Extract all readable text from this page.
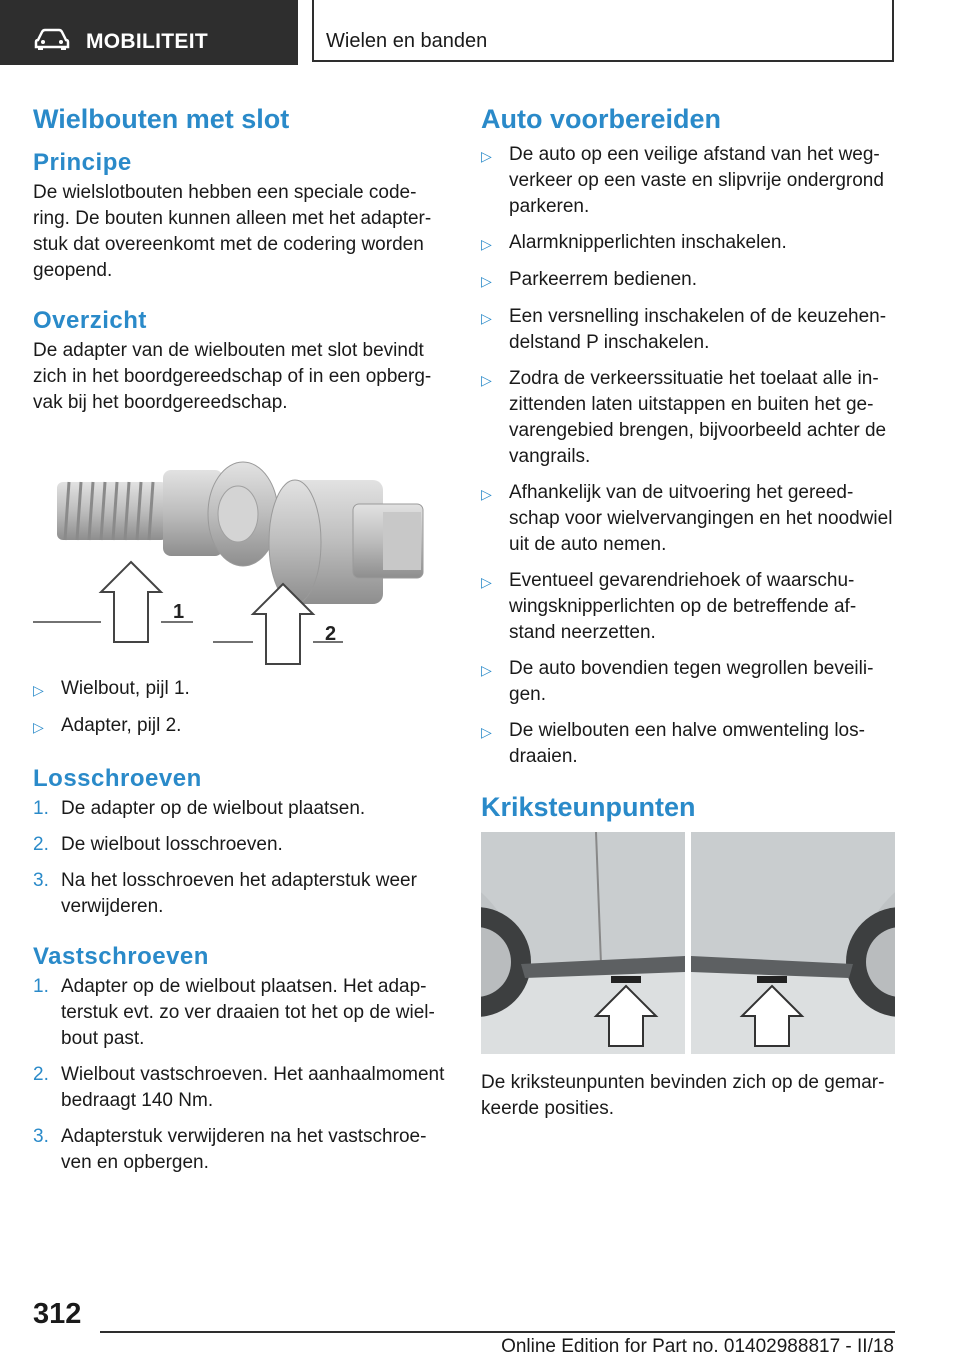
MOBILITEIT	Wielen en banden
Wielbouten met slot
Principe

De wielslotbouten hebben een speciale code-ring. De bouten kunnen alleen met het adapter-stuk dat overeenkomt met de codering worden geopend.

Overzicht

De adapter van de wielbouten met slot bevindt zich in het boordgereedschap of in een opberg-vak bij het boordgereedschap.

1
2
▷ Wielbout, pijl 1.
▷ Adapter, pijl 2.
Losschroeven
1. De adapter op de wielbout plaatsen.
2. De wielbout losschroeven.
3. Na het losschroeven het adapterstuk weer verwijderen.
Vastschroeven
1. Adapter op de wielbout plaatsen. Het adap-terstuk evt. zo ver draaien tot het op de wiel-bout past.
2. Wielbout vastschroeven. Het aanhaalmoment bedraagt 140 Nm.
3. Adapterstuk verwijderen na het vastschroe-ven en opbergen.
Auto voorbereiden
▷ De auto op een veilige afstand van het weg-verkeer op een vaste en slipvrije ondergrond parkeren.
▷ Alarmknipperlichten inschakelen.
▷ Parkeerrem bedienen.
▷ Een versnelling inschakelen of de keuzehen-delstand P inschakelen.
▷ Zodra de verkeerssituatie het toelaat alle in-zittenden laten uitstappen en buiten het ge-varengebied brengen, bijvoorbeeld achter de vangrails.
▷ Afhankelijk van de uitvoering het gereed-schap voor wielvervangingen en het noodwiel uit de auto nemen.
▷ Eventueel gevarendriehoek of waarschu-wingsknipperlichten op de betreffende af-stand neerzetten.
▷ De auto bovendien tegen wegrollen beveili-gen.
▷ De wielbouten een halve omwenteling los-draaien.
Kriksteunpunten

De kriksteunpunten bevinden zich op de gemar-keerde posities.

312
Online Edition for Part no. 01402988817 - II/18
